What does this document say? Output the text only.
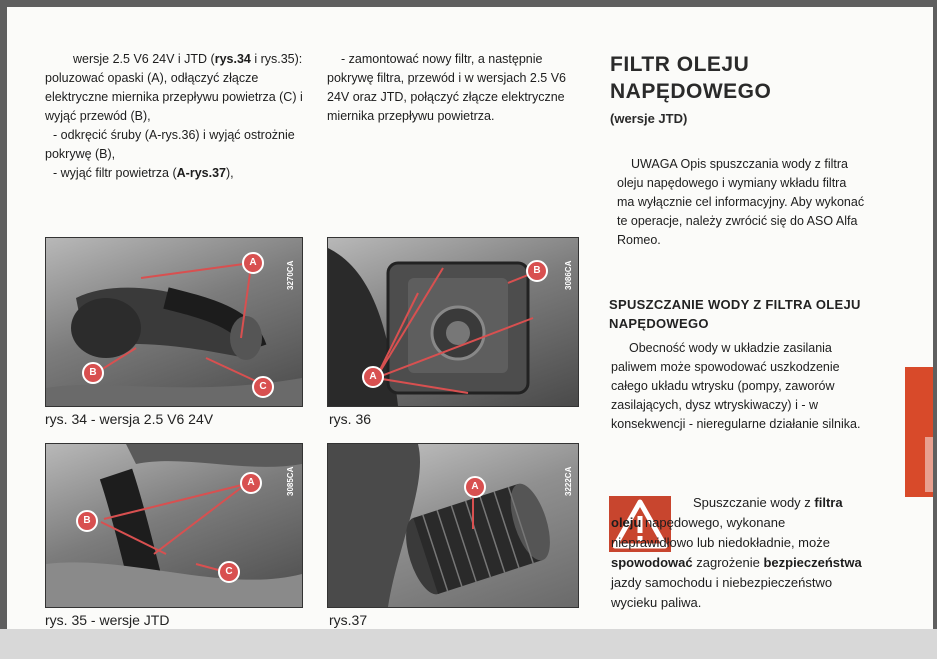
wersje 2.5 V6 24V i JTD (rys.34 i rys.35): poluzować opaski (A), odłączyć złącze elektryczne miernika przepływu powietrza (C) i wyjąć przewód (B),

- odkręcić śruby (A-rys.36) i wyjąć ostrożnie pokrywę (B),

- wyjąć filtr powietrza (A-rys.37),

- zamontować nowy filtr, a następnie pokrywę filtra, przewód i w wersjach 2.5 V6 24V oraz JTD, połączyć złącze elektryczne miernika przepływu powietrza.

FILTR OLEJU
NAPĘDOWEGO
(wersje JTD)
UWAGA Opis spuszczania wody z filtra oleju napędowego i wymiany wkładu filtra ma wyłącznie cel informacyjny. Aby wykonać te operacje, należy zwrócić się do ASO Alfa Romeo.
SPUSZCZANIE WODY Z FILTRA OLEJU NAPĘDOWEGO
Obecność wody w układzie zasilania paliwem może spowodować uszkodzenie całego układu wtrysku (pompy, zaworów zasilających, dysz wtryskiwaczy) i - w konsekwencji - nieregularne działanie silnika.
Spuszczanie wody z filtra oleju napędowego, wykonane nieprawidłowo lub niedokładnie, może spowodować zagrożenie bezpieczeństwa jazdy samochodu i niebezpieczeństwo wycieku paliwa.
A
B
C
3270CA
rys. 34 - wersja 2.5 V6 24V
A
B	3086CA
rys. 36
A
B
C
3085CA
rys. 35 - wersje JTD
A	3222CA
rys.37
